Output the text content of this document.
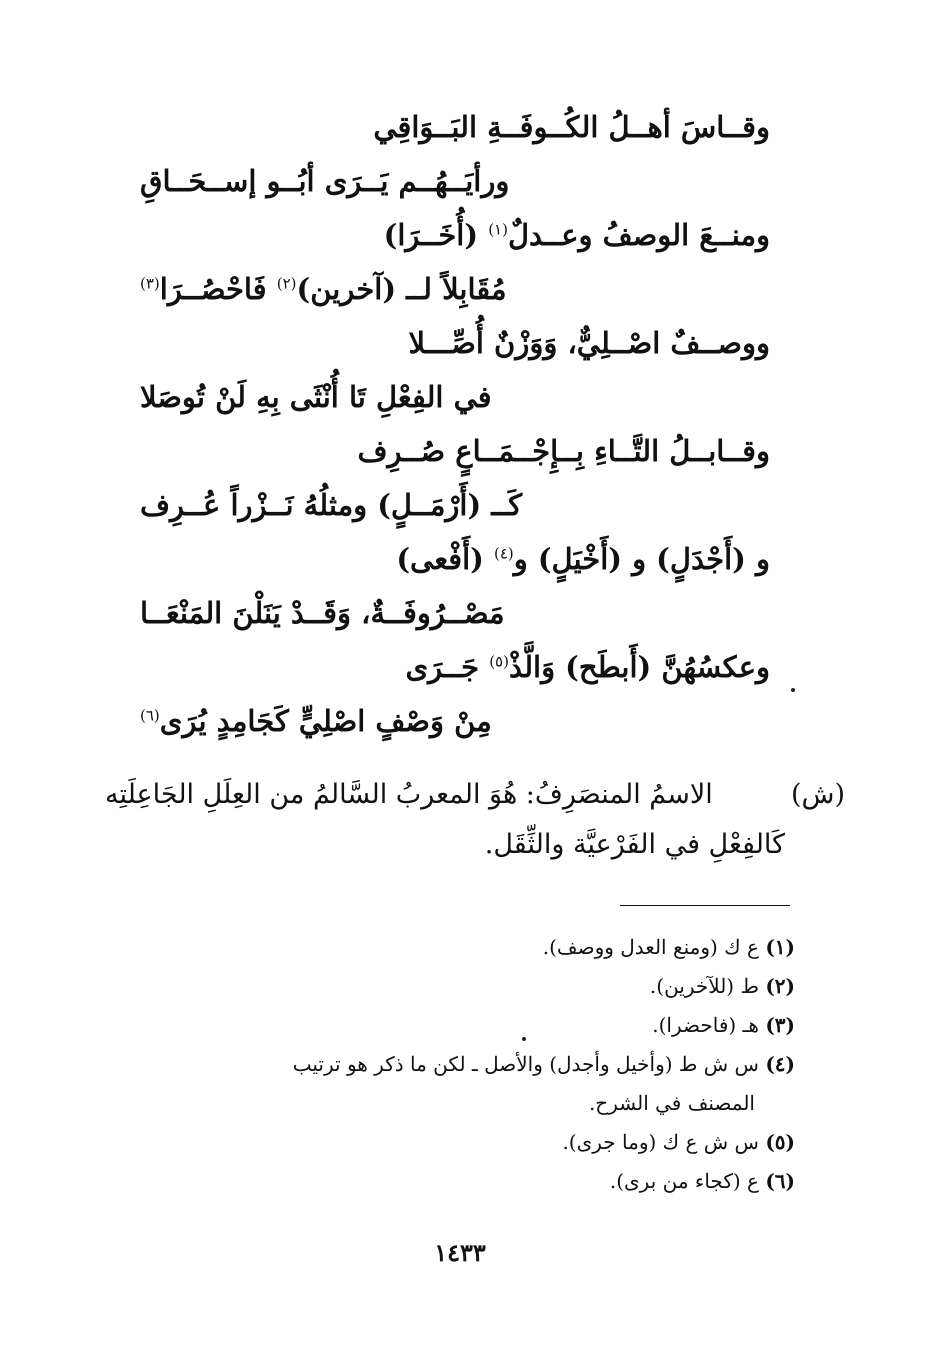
وقــاسَ أهــلُ الكُــوفَــةِ البَــوَاقِي
ورأيَــهُــم يَــرَى أبُــو إســحَــاقِ
ومنــعَ الوصفُ وعــدلٌ$^{(١)}$ (أُخَــرَا)
مُقَابِلاً لــ (آخرين)$^{(٢)}$ فَاحْصُــرَا$^{(٣)}$
ووصــفٌ اصْــلِيٌّ، وَوَزْنٌ أُصِّـــلا
في الفِعْلِ تَا أُنْثَى بِهِ لَنْ تُوصَلا
وقــابــلُ التَّــاءِ بِــإِجْــمَــاعٍ صُــرِف
كَــ (أَرْمَــلٍ) ومثلُهُ نَــزْراً عُــرِف
و (أَجْدَلٍ) و (أَخْيَلٍ) و$^{(٤)}$ (أَفْعى)
مَصْــرُوفَــةٌ، وَقَــدْ يَنَلْنَ المَنْعَــا
وعكسُهُنَّ (أَبطَح) وَالَّذْ$^{(٥)}$ جَــرَى
مِنْ وَصْفٍ اصْلِيٍّ كَجَامِدٍ يُرَى$^{(٦)}$
(ش)
الاسمُ المنصَرِفُ: هُوَ المعربُ السَّالمُ من العِلَلِ الجَاعِلَتِه
كَالفِعْلِ في الفَرْعيَّة والثِّقَل.
(١) ع ك (ومنع العدل ووصف).
(٢) ط (للآخرين).
(٣) هـ (فاحضرا).
(٤) س ش ط (وأخيل وأجدل) والأصل ـ لكن ما ذكر هو ترتيب
المصنف في الشرح.
(٥) س ش ع ك (وما جرى).
(٦) ع (كجاء من برى).
١٤٣٣
